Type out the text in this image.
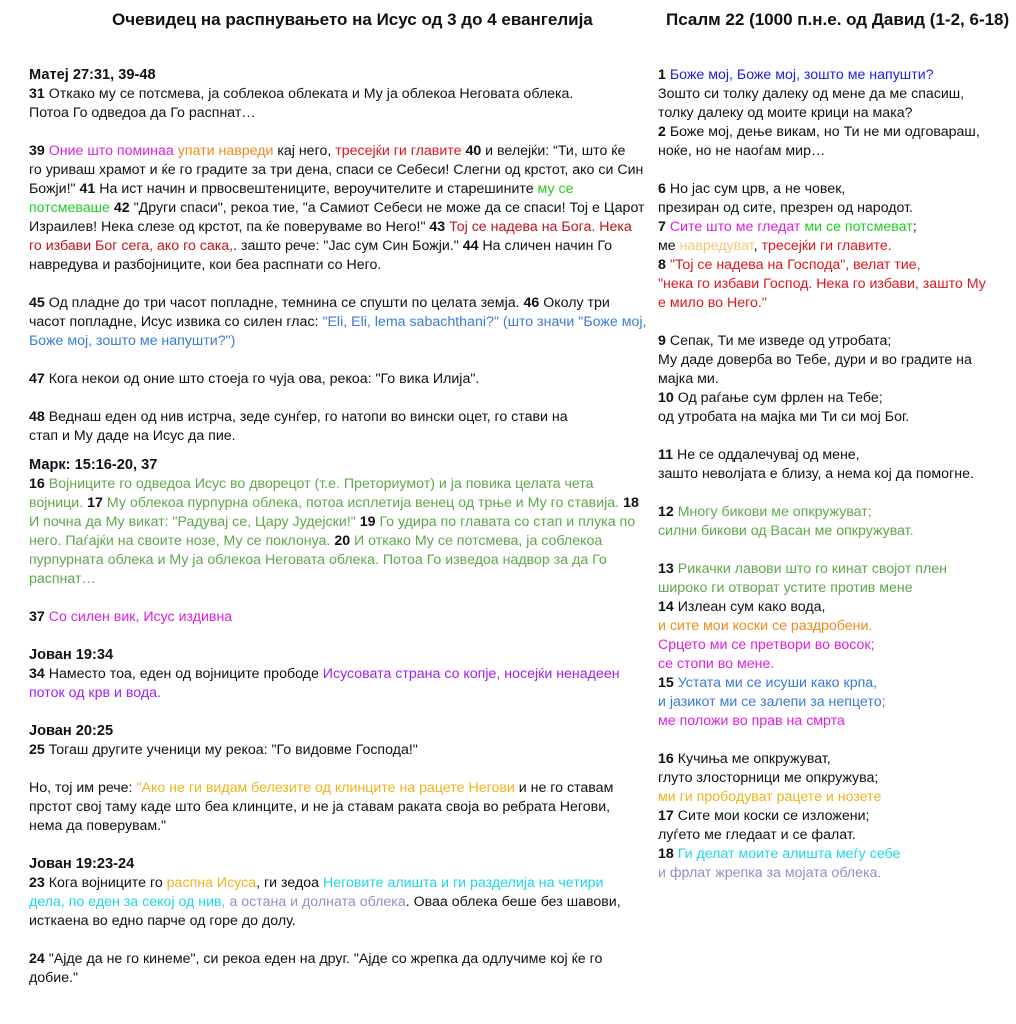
Очевидец на распнувањето на Исус од 3 до 4 евангелија	Псалм 22 (1000 п.н.е. од Давид (1-2, 6-18)
Матеј 27:31, 39-48
31 Откако му се потсмева, ја соблекоа облеката и Му ја облекоа Неговата облека.
Потоа Го одведоа да Го распнат…
39 Оние што поминаа упати навреди кај него, тресејќи ги главите 40 и велејќи: “Ти, што ќе
го уриваш храмот и ќе го градите за три дена, спаси се Себеси! Слегни од крстот, ако си Син
Божји!" 41 На ист начин и првосвештениците, вероучителите и старешините му се
потсмеваше 42 "Други спаси", рекоа тие, "а Самиот Себеси не може да се спаси! Тој е Царот
Израилев! Нека слезе од крстот, па ќе поверуваме во Него!" 43 Тој се надева на Бога. Нека
го избави Бог сега, ако го сака,. зашто рече: "Јас сум Син Божји." 44 На сличен начин Го
навредува и разбојниците, кои беа распнати со Него.
45 Од пладне до три часот попладне, темнина се спушти по целата земја. 46 Околу три
часот попладне, Исус извика со силен глас: "Eli, Eli, lema sabachthani?" (што значи "Боже мој,
Боже мој, зошто ме напушти?")
47 Кога некои од оние што стоеја го чуја ова, рекоа: "Го вика Илија".
48 Веднаш еден од нив истрча, зеде сунѓер, го натопи во вински оцет, го стави на
стап и Му даде на Исус да пие.
Марк: 15:16-20, 37
16 Војниците го одведоа Исус во дворецот (т.е. Преториумот) и ја повика целата чета
војници. 17 Му облекоа пурпурна облека, потоа исплетија венец од трње и Му го ставија. 18
И почна да Му викат: "Радувај се, Цару Јудејски!" 19 Го удира по главата со стап и плука по
него. Паѓајќи на своите нозе, Му се поклонуа. 20 И откако Му се потсмева, ја соблекоа
пурпурната облека и Му ја облекоа Неговата облека. Потоа Го изведоа надвор за да Го
распнат…
37 Со силен вик, Исус издивна
Јован 19:34
34 Наместо тоа, еден од војниците прободе Исусовата страна со копје, носејќи ненадеен
поток од крв и вода.
Јован 20:25
25 Тогаш другите ученици му рекоа: "Го видовме Господа!"
Но, тој им рече: "Ако не ги видам белезите од клинците на рацете Негови и не го ставам
прстот свој таму каде што беа клинците, и не ја ставам раката своја во ребрата Негови,
нема да поверувам."
Јован 19:23-24
23 Кога војниците го распна Исуса, ги зедоа Неговите алишта и ги разделија на четири
дела, по еден за секој од нив, а остана и долната облека. Оваа облека беше без шавови,
исткаена во едно парче од горе до долу.
24 "Ајде да не го кинеме", си рекоа еден на друг. "Ајде со жрепка да одлучиме кој ќе го
добие."
1 Боже мој, Боже мој, зошто ме напушти?
Зошто си толку далеку од мене да ме спасиш,
толку далеку од моите крици на мака?
2 Боже мој, дење викам, но Ти не ми одговараш,
ноќе, но не наоѓам мир…
6 Но јас сум црв, а не човек,
презиран од сите, презрен од народот.
7 Сите што ме гледат ми се потсмеват;
ме навредуват, тресејќи ги главите.
8 "Тој се надева на Господа", велат тие,
"нека го избави Господ. Нека го избави, зашто Му
е мило во Него."
9 Сепак, Ти ме изведе од утробата;
Му даде доверба во Тебе, дури и во градите на
мајка ми.
10 Од раѓање сум фрлен на Тебе;
од утробата на мајка ми Ти си мој Бог.
11 Не се оддалечувај од мене,
зашто неволјата е близу, а нема кој да помогне.
12 Многу бикови ме опкружуват;
силни бикови од Васан ме опкружуват.
13 Рикачки лавови што го кинат својот плен
широко ги отворат устите против мене
14 Излеан сум како вода,
и сите мои коски се раздробени.
Срцето ми се претвори во восок;
се стопи во мене.
15 Устата ми се исуши како крпа,
и јазикот ми се залепи за непцето;
ме положи во прав на смрта
16 Кучиња ме опкружуват,
глуто злосторници ме опкружува;
ми ги прободуват рацете и нозете
17 Сите мои коски се изложени;
луѓето ме гледаат и се фалат.
18 Ги делат моите алишта меѓу себе
и фрлат жрепка за мојата облека.
